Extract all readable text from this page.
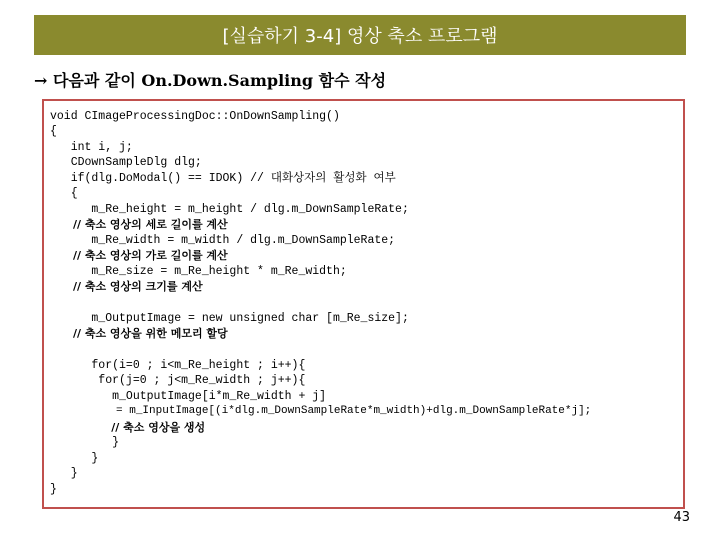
[실습하기 3-4] 영상 축소 프로그램
→ 다음과 같이 On.Down.Sampling 함수 작성
void CImageProcessingDoc::OnDownSampling()
{
int i, j;
CDownSampleDlg dlg;
if(dlg.DoModal() == IDOK) // 대화상자의 활성화 여부
{
m_Re_height = m_height / dlg.m_DownSampleRate;
// 축소 영상의 세로 길이를 계산
m_Re_width = m_width / dlg.m_DownSampleRate;
// 축소 영상의 가로 길이를 계산
m_Re_size = m_Re_height * m_Re_width;
// 축소 영상의 크기를 계산
m_OutputImage = new unsigned char [m_Re_size];
// 축소 영상을 위한 메모리 할당
for(i=0 ; i<m_Re_height ; i++){
for(j=0 ; j<m_Re_width ; j++){
m_OutputImage[i*m_Re_width + j]
= m_InputImage[(i*dlg.m_DownSampleRate*m_width)+dlg.m_DownSampleRate*j];
// 축소 영상을 생성
}
}
}
}
43
